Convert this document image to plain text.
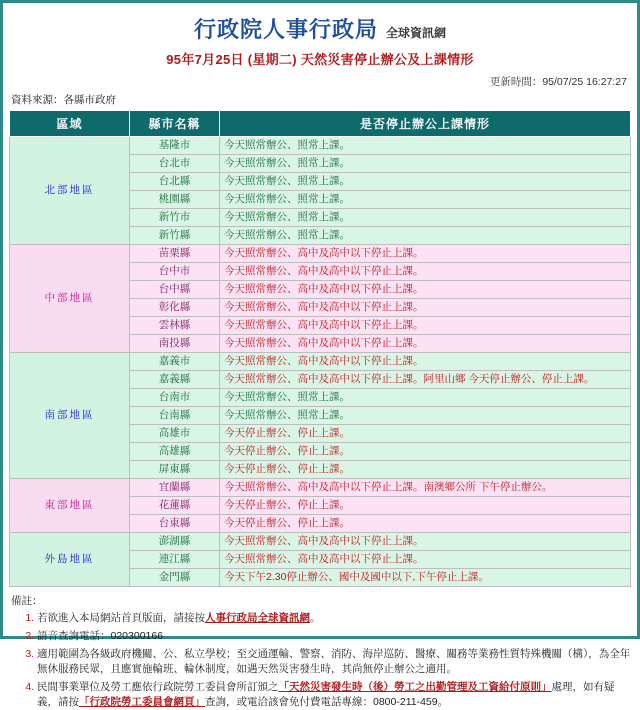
行政院人事行政局 全球資訊網
95年7月25日 (星期二) 天然災害停止辦公及上課情形
更新時間：95/07/25 16:27:27
資料來源：各縣市政府
區域	縣市名稱	是否停止辦公上課情形
北部地區	基隆市	今天照常辦公、照常上課。
	台北市	今天照常辦公、照常上課。
	台北縣	今天照常辦公、照常上課。
	桃園縣	今天照常辦公、照常上課。
	新竹市	今天照常辦公、照常上課。
	新竹縣	今天照常辦公、照常上課。
中部地區	苗栗縣	今天照常辦公、高中及高中以下停止上課。
	台中市	今天照常辦公、高中及高中以下停止上課。
	台中縣	今天照常辦公、高中及高中以下停止上課。
	彰化縣	今天照常辦公、高中及高中以下停止上課。
	雲林縣	今天照常辦公、高中及高中以下停止上課。
	南投縣	今天照常辦公、高中及高中以下停止上課。
南部地區	嘉義市	今天照常辦公、高中及高中以下停止上課。
	嘉義縣	今天照常辦公、高中及高中以下停止上課。阿里山鄉 今天停止辦公、停止上課。
	台南市	今天照常辦公、照常上課。
	台南縣	今天照常辦公、照常上課。
	高雄市	今天停止辦公、停止上課。
	高雄縣	今天停止辦公、停止上課。
	屏東縣	今天停止辦公、停止上課。
東部地區	宜蘭縣	今天照常辦公、高中及高中以下停止上課。南澳鄉公所 下午停止辦公。
	花蓮縣	今天停止辦公、停止上課。
	台東縣	今天停止辦公、停止上課。
外島地區	澎湖縣	今天照常辦公、高中及高中以下停止上課。
	連江縣	今天照常辦公、高中及高中以下停止上課。
	金門縣	今天下午2.30停止辦公、國中及國中以下,下午停止上課。
備註：
1. 若欲進入本局網站首頁版面，請接按人事行政局全球資訊網。
2. 語音查詢電話：020300166
3. 適用範圍為各級政府機關、公、私立學校；至交通運輸、警察、消防、海岸巡防、醫療、關務等業務性質特殊機關（構），為全年無休服務民眾，且應實施輪班、輪休制度，如遇天然災害發生時，其尚無停止辦公之適用。
4. 民間事業單位及勞工應依行政院勞工委員會所訂頒之「天然災害發生時（後）勞工之出勤管理及工資給付原則」處理，如有疑義，請按「行政院勞工委員會網頁」查詢，或電洽該會免付費電話專線：0800-211-459。
